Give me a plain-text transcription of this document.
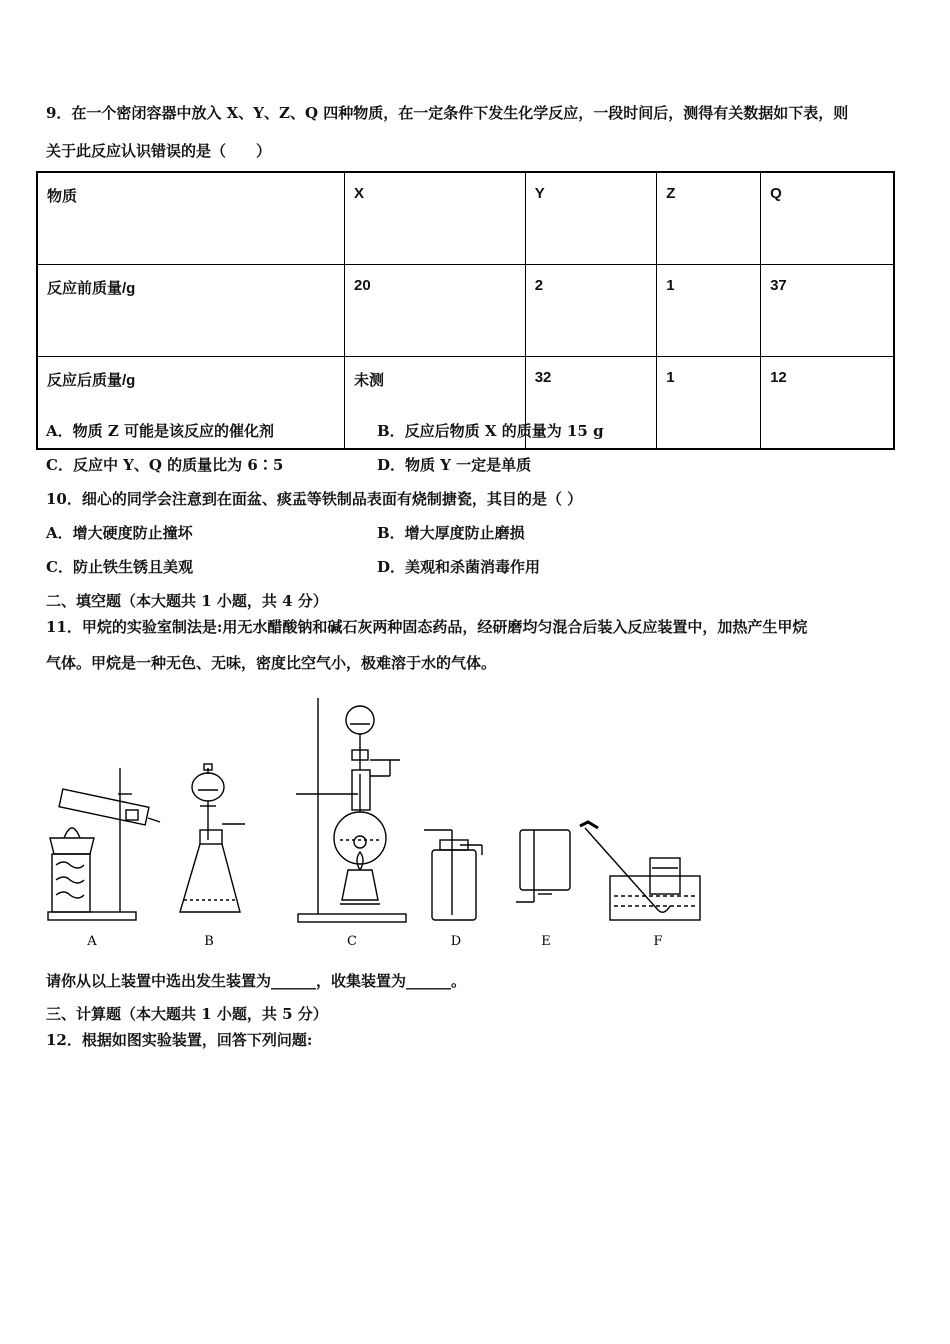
9．在一个密闭容器中放入 X、Y、Z、Q 四种物质，在一定条件下发生化学反应，一段时间后，测得有关数据如下表，则
关于此反应认识错误的是（　　）
物质	X	Y	Z	Q
反应前质量/g	20	2	1	37
反应后质量/g	未测	32	1	12
A．物质 Z 可能是该反应的催化剂	B．反应后物质 X 的质量为 15 g
C．反应中 Y、Q 的质量比为 6∶5	D．物质 Y 一定是单质
10．细心的同学会注意到在面盆、痰盂等铁制品表面有烧制搪瓷，其目的是（ ）
A．增大硬度防止撞坏	B．增大厚度防止磨损
C．防止铁生锈且美观	D．美观和杀菌消毒作用
二、填空题（本大题共 1 小题，共 4 分）
11．甲烷的实验室制法是:用无水醋酸钠和碱石灰两种固态药品，经研磨均匀混合后装入反应装置中，加热产生甲烷
气体。甲烷是一种无色、无味，密度比空气小，极难溶于水的气体。
A	B	C	D	E	F
请你从以上装置中选出发生装置为______，收集装置为______。
三、计算题（本大题共 1 小题，共 5 分）
12．根据如图实验装置，回答下列问题:
